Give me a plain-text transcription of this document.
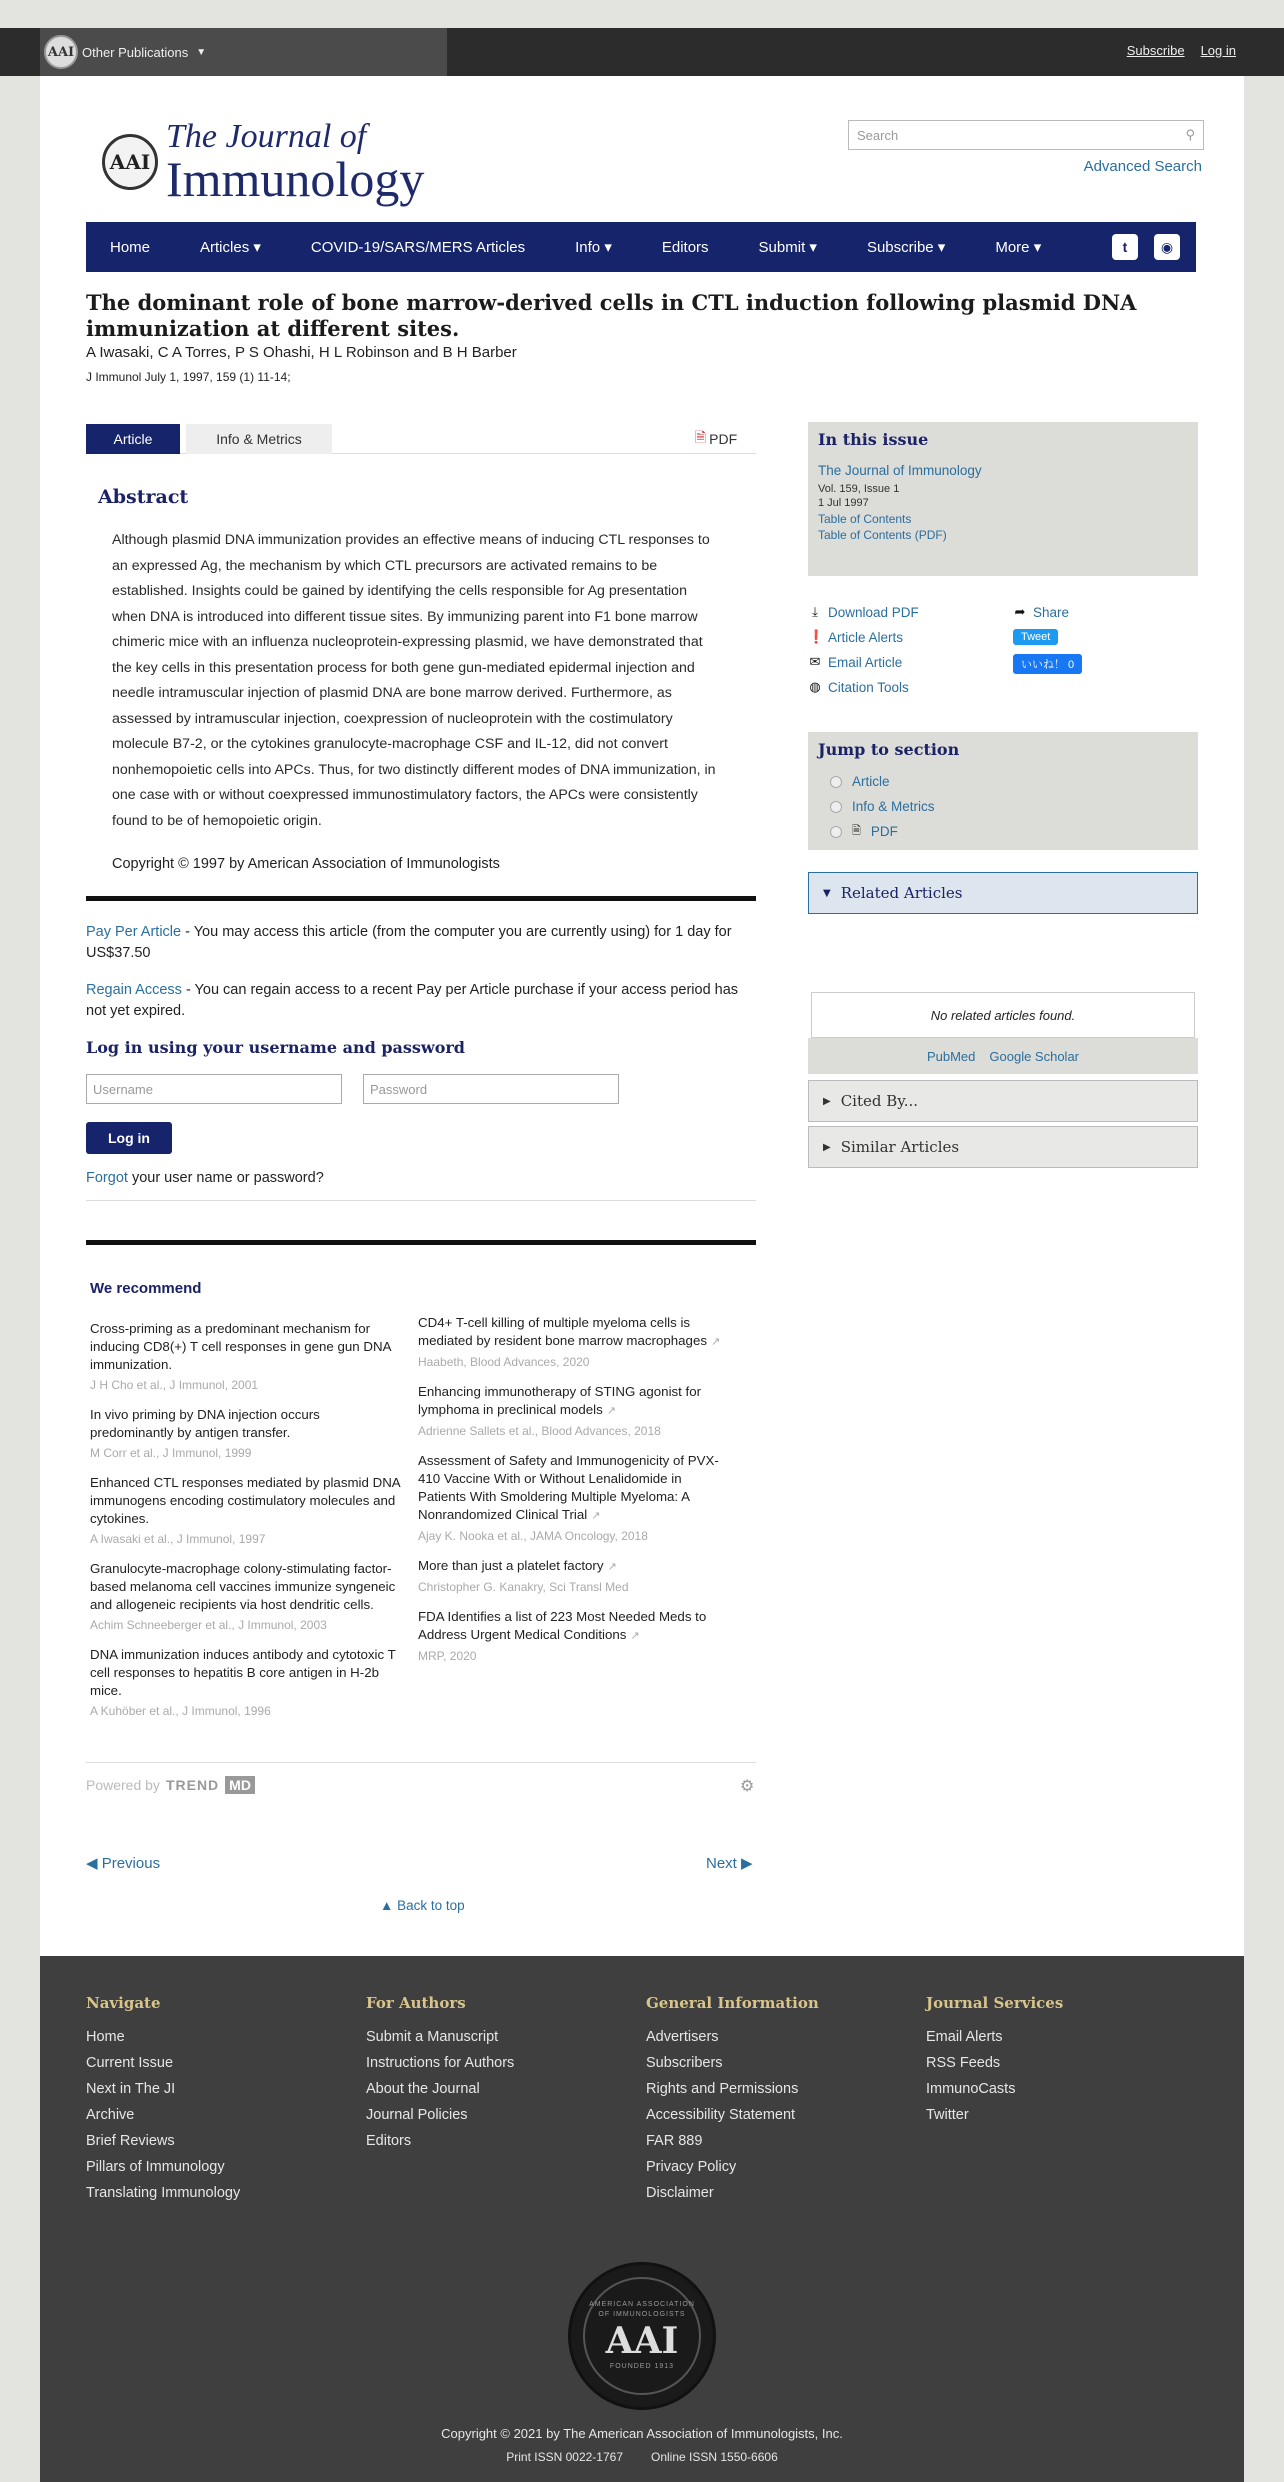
AAI Other Publications ▼	Subscribe Log in
AAI
The Journal of
Immunology
Search	⚲
Advanced Search
Home	Articles ▾	COVID-19/SARS/MERS Articles	Info ▾	Editors	Submit ▾	Subscribe ▾	More ▾	t	◉
The dominant role of bone marrow-derived cells in CTL induction following plasmid DNA immunization at different sites.
A Iwasaki, C A Torres, P S Ohashi, H L Robinson and B H Barber
J Immunol July 1, 1997, 159 (1) 11-14;
Article	Info & Metrics	🗎 PDF
Abstract
Although plasmid DNA immunization provides an effective means of inducing CTL responses to an expressed Ag, the mechanism by which CTL precursors are activated remains to be established. Insights could be gained by identifying the cells responsible for Ag presentation when DNA is introduced into different tissue sites. By immunizing parent into F1 bone marrow chimeric mice with an influenza nucleoprotein-expressing plasmid, we have demonstrated that the key cells in this presentation process for both gene gun-mediated epidermal injection and needle intramuscular injection of plasmid DNA are bone marrow derived. Furthermore, as assessed by intramuscular injection, coexpression of nucleoprotein with the costimulatory molecule B7-2, or the cytokines granulocyte-macrophage CSF and IL-12, did not convert nonhemopoietic cells into APCs. Thus, for two distinctly different modes of DNA immunization, in one case with or without coexpressed immunostimulatory factors, the APCs were consistently found to be of hemopoietic origin.
Copyright © 1997 by American Association of Immunologists
Pay Per Article - You may access this article (from the computer you are currently using) for 1 day for US$37.50
Regain Access - You can regain access to a recent Pay per Article purchase if your access period has not yet expired.
Log in using your username and password
Username	Password
Log in
Forgot your user name or password?
We recommend
Cross-priming as a predominant mechanism for inducing CD8(+) T cell responses in gene gun DNA immunization.
J H Cho et al., J Immunol, 2001
In vivo priming by DNA injection occurs predominantly by antigen transfer.
M Corr et al., J Immunol, 1999
Enhanced CTL responses mediated by plasmid DNA immunogens encoding costimulatory molecules and cytokines.
A Iwasaki et al., J Immunol, 1997
Granulocyte-macrophage colony-stimulating factor-based melanoma cell vaccines immunize syngeneic and allogeneic recipients via host dendritic cells.
Achim Schneeberger et al., J Immunol, 2003
DNA immunization induces antibody and cytotoxic T cell responses to hepatitis B core antigen in H-2b mice.
A Kuhöber et al., J Immunol, 1996
CD4+ T-cell killing of multiple myeloma cells is mediated by resident bone marrow macrophages ↗
Haabeth, Blood Advances, 2020
Enhancing immunotherapy of STING agonist for lymphoma in preclinical models ↗
Adrienne Sallets et al., Blood Advances, 2018
Assessment of Safety and Immunogenicity of PVX-410 Vaccine With or Without Lenalidomide in Patients With Smoldering Multiple Myeloma: A Nonrandomized Clinical Trial ↗
Ajay K. Nooka et al., JAMA Oncology, 2018
More than just a platelet factory ↗
Christopher G. Kanakry, Sci Transl Med
FDA Identifies a list of 223 Most Needed Meds to Address Urgent Medical Conditions ↗
MRP, 2020
Powered by TREND MD	⚙
◀ Previous	Next ▶
▲ Back to top
In this issue
The Journal of Immunology
Vol. 159, Issue 1
1 Jul 1997
Table of Contents
Table of Contents (PDF)
⤓ Download PDF
❗ Article Alerts
✉ Email Article
◍ Citation Tools
➦ Share
Tweet
いいね！ 0
Jump to section
Article
Info & Metrics
🗎 PDF
▼ Related Articles
No related articles found.
PubMed Google Scholar
▶ Cited By...
▶ Similar Articles
Navigate
Home
Current Issue
Next in The JI
Archive
Brief Reviews
Pillars of Immunology
Translating Immunology
For Authors
Submit a Manuscript
Instructions for Authors
About the Journal
Journal Policies
Editors
General Information
Advertisers
Subscribers
Rights and Permissions
Accessibility Statement
FAR 889
Privacy Policy
Disclaimer
Journal Services
Email Alerts
RSS Feeds
ImmunoCasts
Twitter
AMERICAN ASSOCIATION OF IMMUNOLOGISTS
AAI
FOUNDED 1913
Copyright © 2021 by The American Association of Immunologists, Inc.
Print ISSN 0022-1767 Online ISSN 1550-6606
